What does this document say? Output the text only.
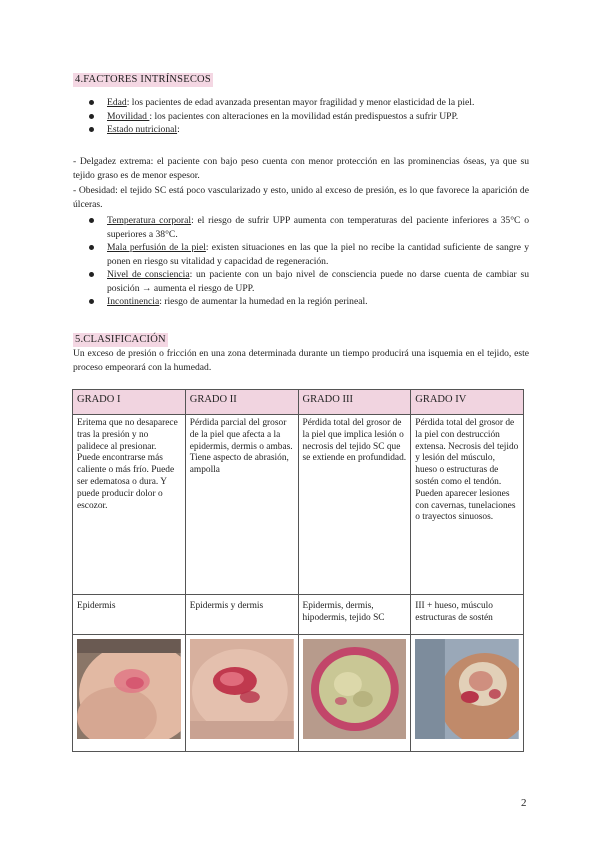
4.FACTORES INTRÍNSECOS
Edad: los pacientes de edad avanzada presentan mayor fragilidad y menor elasticidad de la piel.
Movilidad : los pacientes con alteraciones en la movilidad están predispuestos a sufrir UPP.
Estado nutricional:

- Delgadez extrema: el paciente con bajo peso cuenta con menor protección en las prominencias óseas, ya que su tejido graso es de menor espesor.

- Obesidad: el tejido SC está poco vascularizado y esto, unido al exceso de presión, es lo que favorece la aparición de úlceras.

Temperatura corporal: el riesgo de sufrir UPP aumenta con temperaturas del paciente inferiores a 35°C o superiores a 38°C.
Mala perfusión de la piel: existen situaciones en las que la piel no recibe la cantidad suficiente de sangre y ponen en riesgo su vitalidad y capacidad de regeneración.
Nivel de consciencia: un paciente con un bajo nivel de consciencia puede no darse cuenta de cambiar su posición → aumenta el riesgo de UPP.
Incontinencia: riesgo de aumentar la humedad en la región perineal.
5.CLASIFICACIÓN

Un exceso de presión o fricción en una zona determinada durante un tiempo producirá una isquemia en el tejido, este proceso empeorará con la humedad.

GRADO I	GRADO II	GRADO III	GRADO IV
Eritema que no desaparece tras la presión y no palidece al presionar. Puede encontrarse más caliente o más frío. Puede ser edematosa o dura. Y puede producir dolor o escozor.	Pérdida parcial del grosor de la piel que afecta a la epidermis, dermis o ambas. Tiene aspecto de abrasión, ampolla	Pérdida total del grosor de la piel que implica lesión o necrosis del tejido SC que se extiende en profundidad.	Pérdida total del grosor de la piel con destrucción extensa. Necrosis del tejido y lesión del músculo, hueso o estructuras de sostén como el tendón. Pueden aparecer lesiones con cavernas, tunelaciones o trayectos sinuosos.
Epidermis	Epidermis y dermis	Epidermis, dermis, hipodermis, tejido SC	III + hueso, músculo estructuras de sostén

2
